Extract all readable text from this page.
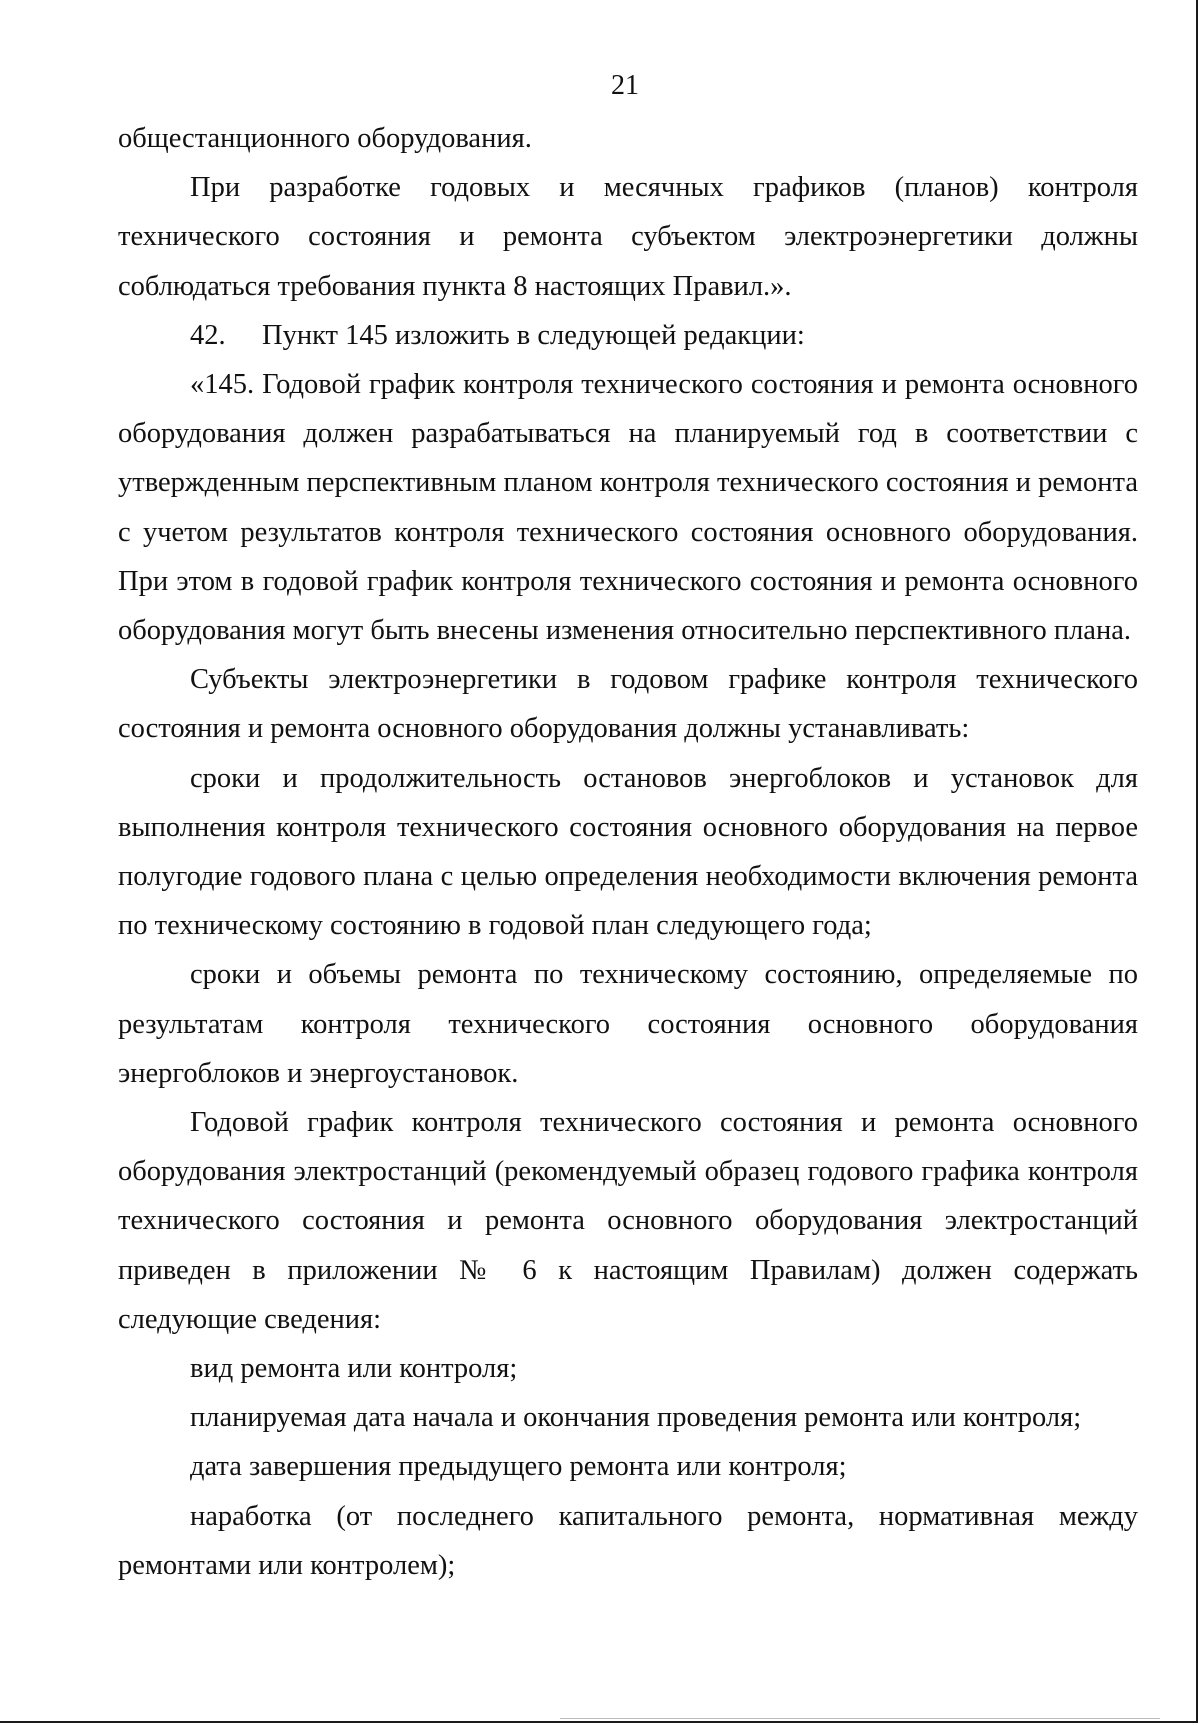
21

общестанционного оборудования.

При разработке годовых и месячных графиков (планов) контроля технического состояния и ремонта субъектом электроэнергетики должны соблюдаться требования пункта 8 настоящих Правил.».

42. Пункт 145 изложить в следующей редакции:

«145. Годовой график контроля технического состояния и ремонта основного оборудования должен разрабатываться на планируемый год в соответствии с утвержденным перспективным планом контроля технического состояния и ремонта с учетом результатов контроля технического состояния основного оборудования. При этом в годовой график контроля технического состояния и ремонта основного оборудования могут быть внесены изменения относительно перспективного плана.

Субъекты электроэнергетики в годовом графике контроля технического состояния и ремонта основного оборудования должны устанавливать:

сроки и продолжительность остановов энергоблоков и установок для выполнения контроля технического состояния основного оборудования на первое полугодие годового плана с целью определения необходимости включения ремонта по техническому состоянию в годовой план следующего года;

сроки и объемы ремонта по техническому состоянию, определяемые по результатам контроля технического состояния основного оборудования энергоблоков и энергоустановок.

Годовой график контроля технического состояния и ремонта основного оборудования электростанций (рекомендуемый образец годового графика контроля технического состояния и ремонта основного оборудования электростанций приведен в приложении № 6 к настоящим Правилам) должен содержать следующие сведения:

вид ремонта или контроля;

планируемая дата начала и окончания проведения ремонта или контроля;

дата завершения предыдущего ремонта или контроля;

наработка (от последнего капитального ремонта, нормативная между ремонтами или контролем);
